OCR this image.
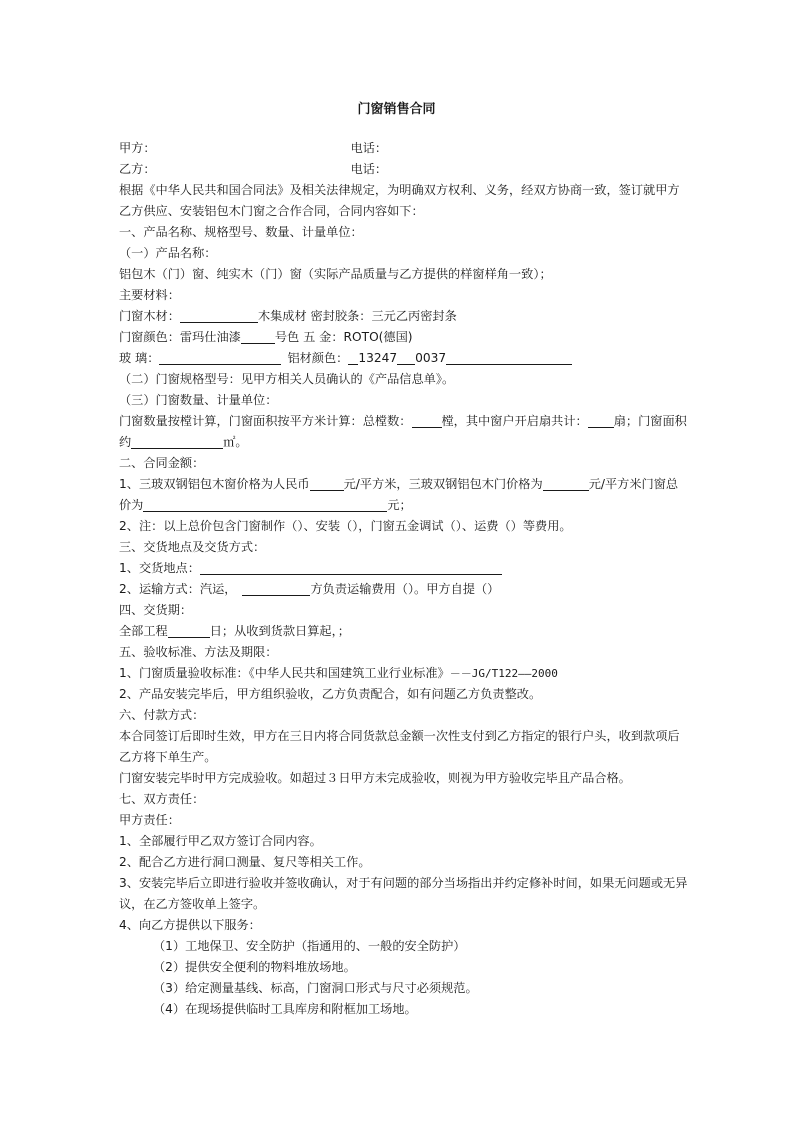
门窗销售合同
甲方：	电话：
乙方：	电话：
根据《中华人民共和国合同法》及相关法律规定，为明确双方权利、义务，经双方协商一致，签订就甲方
乙方供应、安装铝包木门窗之合作合同，合同内容如下：
一、产品名称、规格型号、数量、计量单位：
（一）产品名称：
铝包木（门）窗、纯实木（门）窗（实际产品质量与乙方提供的样窗样角一致）；
主要材料：
门窗木材：	木集成材 密封胶条：三元乙丙密封条
门窗颜色：雷玛仕油漆	号色 五 金：ROTO(德国)
玻 璃：	铝材颜色： 13247 0037
（二）门窗规格型号：见甲方相关人员确认的《产品信息单》。
（三）门窗数量、计量单位：
门窗数量按樘计算，门窗面积按平方米计算：总樘数： 樘，其中窗户开启扇共计： 扇；门窗面积
约	㎡。
二、合同金额：
1、三玻双钢铝包木窗价格为人民币	元/平方米，三玻双钢铝包木门价格为	元/平方米门窗总
价为	元；
2、注：以上总价包含门窗制作（）、安装（），门窗五金调试（）、运费（）等费用。
三、交货地点及交货方式：
1、交货地点：
2、运输方式：汽运，	方负责运输费用（）。甲方自提（）
四、交货期：
全部工程	日；从收到货款日算起，；
五、验收标准、方法及期限：
1、门窗质量验收标准：《中华人民共和国建筑工业行业标准》－－JG/T122——2000
2、产品安装完毕后，甲方组织验收，乙方负责配合，如有问题乙方负责整改。
六、付款方式：
本合同签订后即时生效，甲方在三日内将合同货款总金额一次性支付到乙方指定的银行户头，收到款项后
乙方将下单生产。
门窗安装完毕时甲方完成验收。如超过３日甲方未完成验收，则视为甲方验收完毕且产品合格。
七、双方责任：
甲方责任：
1、全部履行甲乙双方签订合同内容。
2、配合乙方进行洞口测量、复尺等相关工作。
3、安装完毕后立即进行验收并签收确认，对于有问题的部分当场指出并约定修补时间，如果无问题或无异
议，在乙方签收单上签字。
4、向乙方提供以下服务：
（1）工地保卫、安全防护（指通用的、一般的安全防护）
（2）提供安全便利的物料堆放场地。
（3）给定测量基线、标高，门窗洞口形式与尺寸必须规范。
（4）在现场提供临时工具库房和附框加工场地。
